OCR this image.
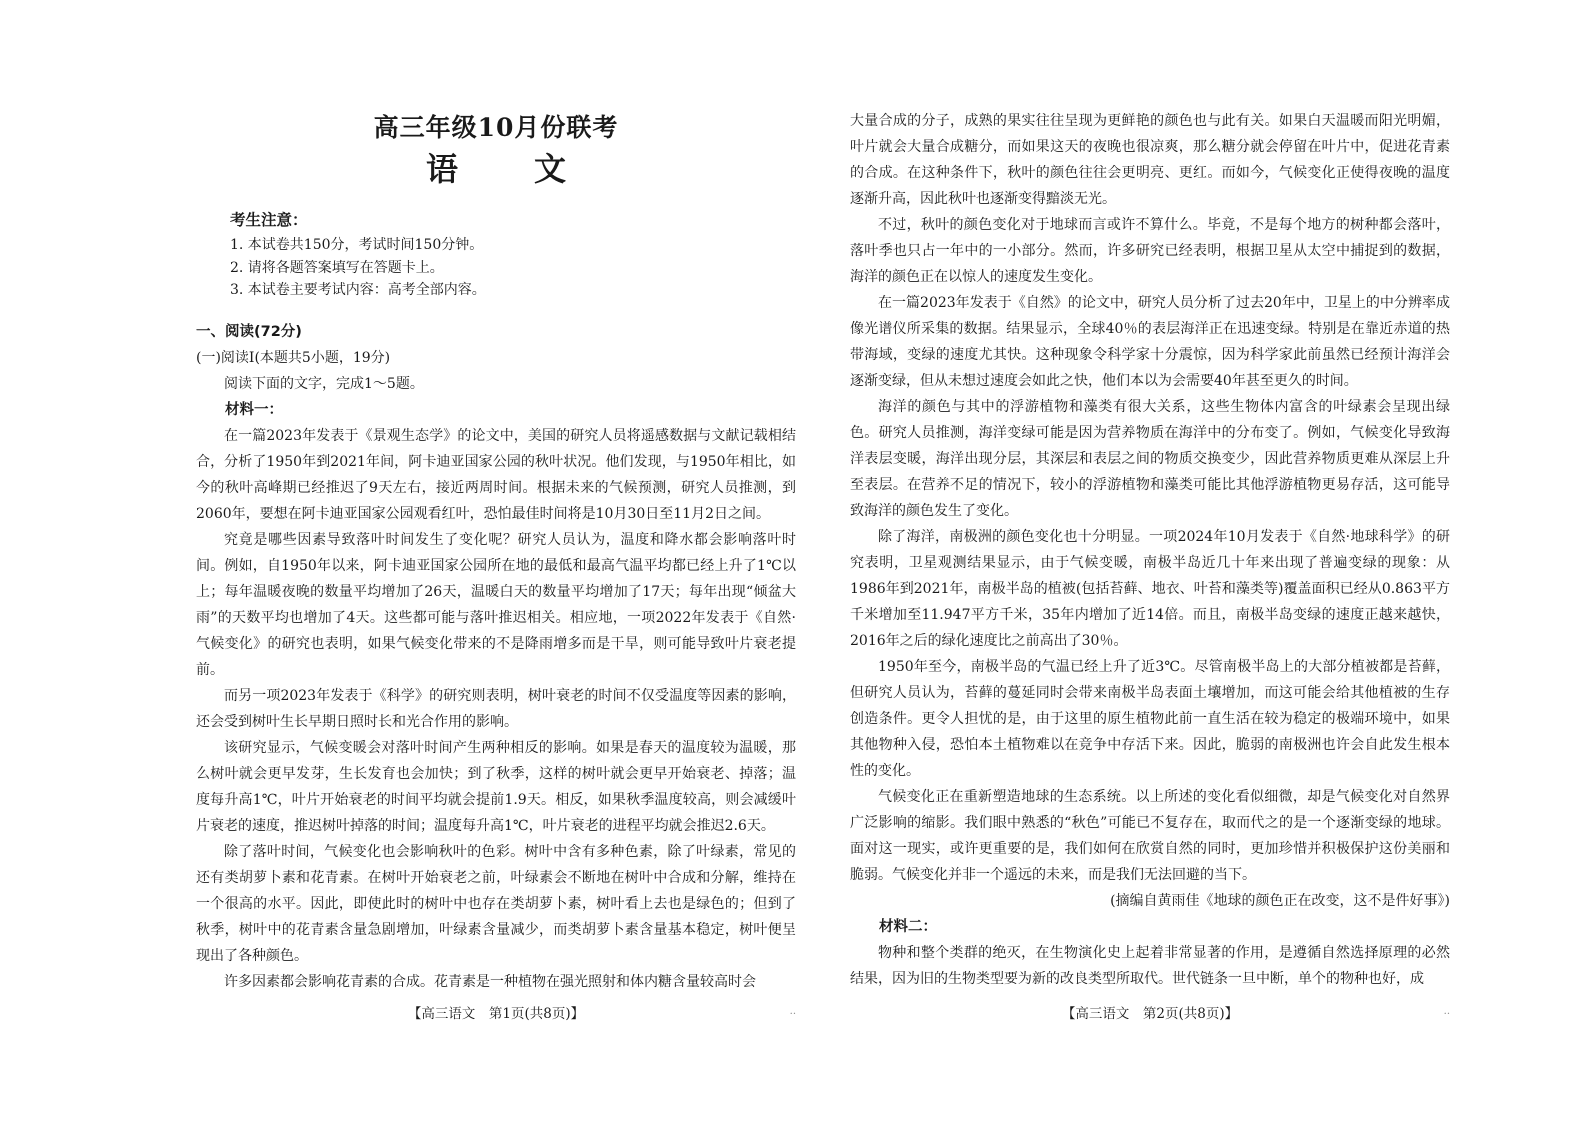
高三年级10月份联考
语 文
考生注意：
1. 本试卷共150分，考试时间150分钟。
2. 请将各题答案填写在答题卡上。
3. 本试卷主要考试内容：高考全部内容。
一、阅读(72分)
(一)阅读Ⅰ(本题共5小题，19分)
阅读下面的文字，完成1～5题。
材料一：

在一篇2023年发表于《景观生态学》的论文中，美国的研究人员将遥感数据与文献记载相结合，分析了1950年到2021年间，阿卡迪亚国家公园的秋叶状况。他们发现，与1950年相比，如今的秋叶高峰期已经推迟了9天左右，接近两周时间。根据未来的气候预测，研究人员推测，到2060年，要想在阿卡迪亚国家公园观看红叶，恐怕最佳时间将是10月30日至11月2日之间。

究竟是哪些因素导致落叶时间发生了变化呢？研究人员认为，温度和降水都会影响落叶时间。例如，自1950年以来，阿卡迪亚国家公园所在地的最低和最高气温平均都已经上升了1℃以上；每年温暖夜晚的数量平均增加了26天，温暖白天的数量平均增加了17天；每年出现“倾盆大雨”的天数平均也增加了4天。这些都可能与落叶推迟相关。相应地，一项2022年发表于《自然·气候变化》的研究也表明，如果气候变化带来的不是降雨增多而是干旱，则可能导致叶片衰老提前。

而另一项2023年发表于《科学》的研究则表明，树叶衰老的时间不仅受温度等因素的影响，还会受到树叶生长早期日照时长和光合作用的影响。

该研究显示，气候变暖会对落叶时间产生两种相反的影响。如果是春天的温度较为温暖，那么树叶就会更早发芽，生长发育也会加快；到了秋季，这样的树叶就会更早开始衰老、掉落；温度每升高1℃，叶片开始衰老的时间平均就会提前1.9天。相反，如果秋季温度较高，则会减缓叶片衰老的速度，推迟树叶掉落的时间；温度每升高1℃，叶片衰老的进程平均就会推迟2.6天。

除了落叶时间，气候变化也会影响秋叶的色彩。树叶中含有多种色素，除了叶绿素，常见的还有类胡萝卜素和花青素。在树叶开始衰老之前，叶绿素会不断地在树叶中合成和分解，维持在一个很高的水平。因此，即使此时的树叶中也存在类胡萝卜素，树叶看上去也是绿色的；但到了秋季，树叶中的花青素含量急剧增加，叶绿素含量减少，而类胡萝卜素含量基本稳定，树叶便呈现出了各种颜色。

许多因素都会影响花青素的合成。花青素是一种植物在强光照射和体内糖含量较高时会

【高三语文　第1页(共8页)】	..

大量合成的分子，成熟的果实往往呈现为更鲜艳的颜色也与此有关。如果白天温暖而阳光明媚，叶片就会大量合成糖分，而如果这天的夜晚也很凉爽，那么糖分就会停留在叶片中，促进花青素的合成。在这种条件下，秋叶的颜色往往会更明亮、更红。而如今，气候变化正使得夜晚的温度逐渐升高，因此秋叶也逐渐变得黯淡无光。

不过，秋叶的颜色变化对于地球而言或许不算什么。毕竟，不是每个地方的树种都会落叶，落叶季也只占一年中的一小部分。然而，许多研究已经表明，根据卫星从太空中捕捉到的数据，海洋的颜色正在以惊人的速度发生变化。

在一篇2023年发表于《自然》的论文中，研究人员分析了过去20年中，卫星上的中分辨率成像光谱仪所采集的数据。结果显示，全球40％的表层海洋正在迅速变绿。特别是在靠近赤道的热带海域，变绿的速度尤其快。这种现象令科学家十分震惊，因为科学家此前虽然已经预计海洋会逐渐变绿，但从未想过速度会如此之快，他们本以为会需要40年甚至更久的时间。

海洋的颜色与其中的浮游植物和藻类有很大关系，这些生物体内富含的叶绿素会呈现出绿色。研究人员推测，海洋变绿可能是因为营养物质在海洋中的分布变了。例如，气候变化导致海洋表层变暖，海洋出现分层，其深层和表层之间的物质交换变少，因此营养物质更难从深层上升至表层。在营养不足的情况下，较小的浮游植物和藻类可能比其他浮游植物更易存活，这可能导致海洋的颜色发生了变化。

除了海洋，南极洲的颜色变化也十分明显。一项2024年10月发表于《自然·地球科学》的研究表明，卫星观测结果显示，由于气候变暖，南极半岛近几十年来出现了普遍变绿的现象：从1986年到2021年，南极半岛的植被(包括苔藓、地衣、叶苔和藻类等)覆盖面积已经从0.863平方千米增加至11.947平方千米，35年内增加了近14倍。而且，南极半岛变绿的速度正越来越快，2016年之后的绿化速度比之前高出了30％。

1950年至今，南极半岛的气温已经上升了近3℃。尽管南极半岛上的大部分植被都是苔藓，但研究人员认为，苔藓的蔓延同时会带来南极半岛表面土壤增加，而这可能会给其他植被的生存创造条件。更令人担忧的是，由于这里的原生植物此前一直生活在较为稳定的极端环境中，如果其他物种入侵，恐怕本土植物难以在竞争中存活下来。因此，脆弱的南极洲也许会自此发生根本性的变化。

气候变化正在重新塑造地球的生态系统。以上所述的变化看似细微，却是气候变化对自然界广泛影响的缩影。我们眼中熟悉的“秋色”可能已不复存在，取而代之的是一个逐渐变绿的地球。面对这一现实，或许更重要的是，我们如何在欣赏自然的同时，更加珍惜并积极保护这份美丽和脆弱。气候变化并非一个遥远的未来，而是我们无法回避的当下。

(摘编自黄雨佳《地球的颜色正在改变，这不是件好事》)
材料二：

物种和整个类群的绝灭，在生物演化史上起着非常显著的作用，是遵循自然选择原理的必然结果，因为旧的生物类型要为新的改良类型所取代。世代链条一旦中断，单个的物种也好，成

【高三语文　第2页(共8页)】	..
